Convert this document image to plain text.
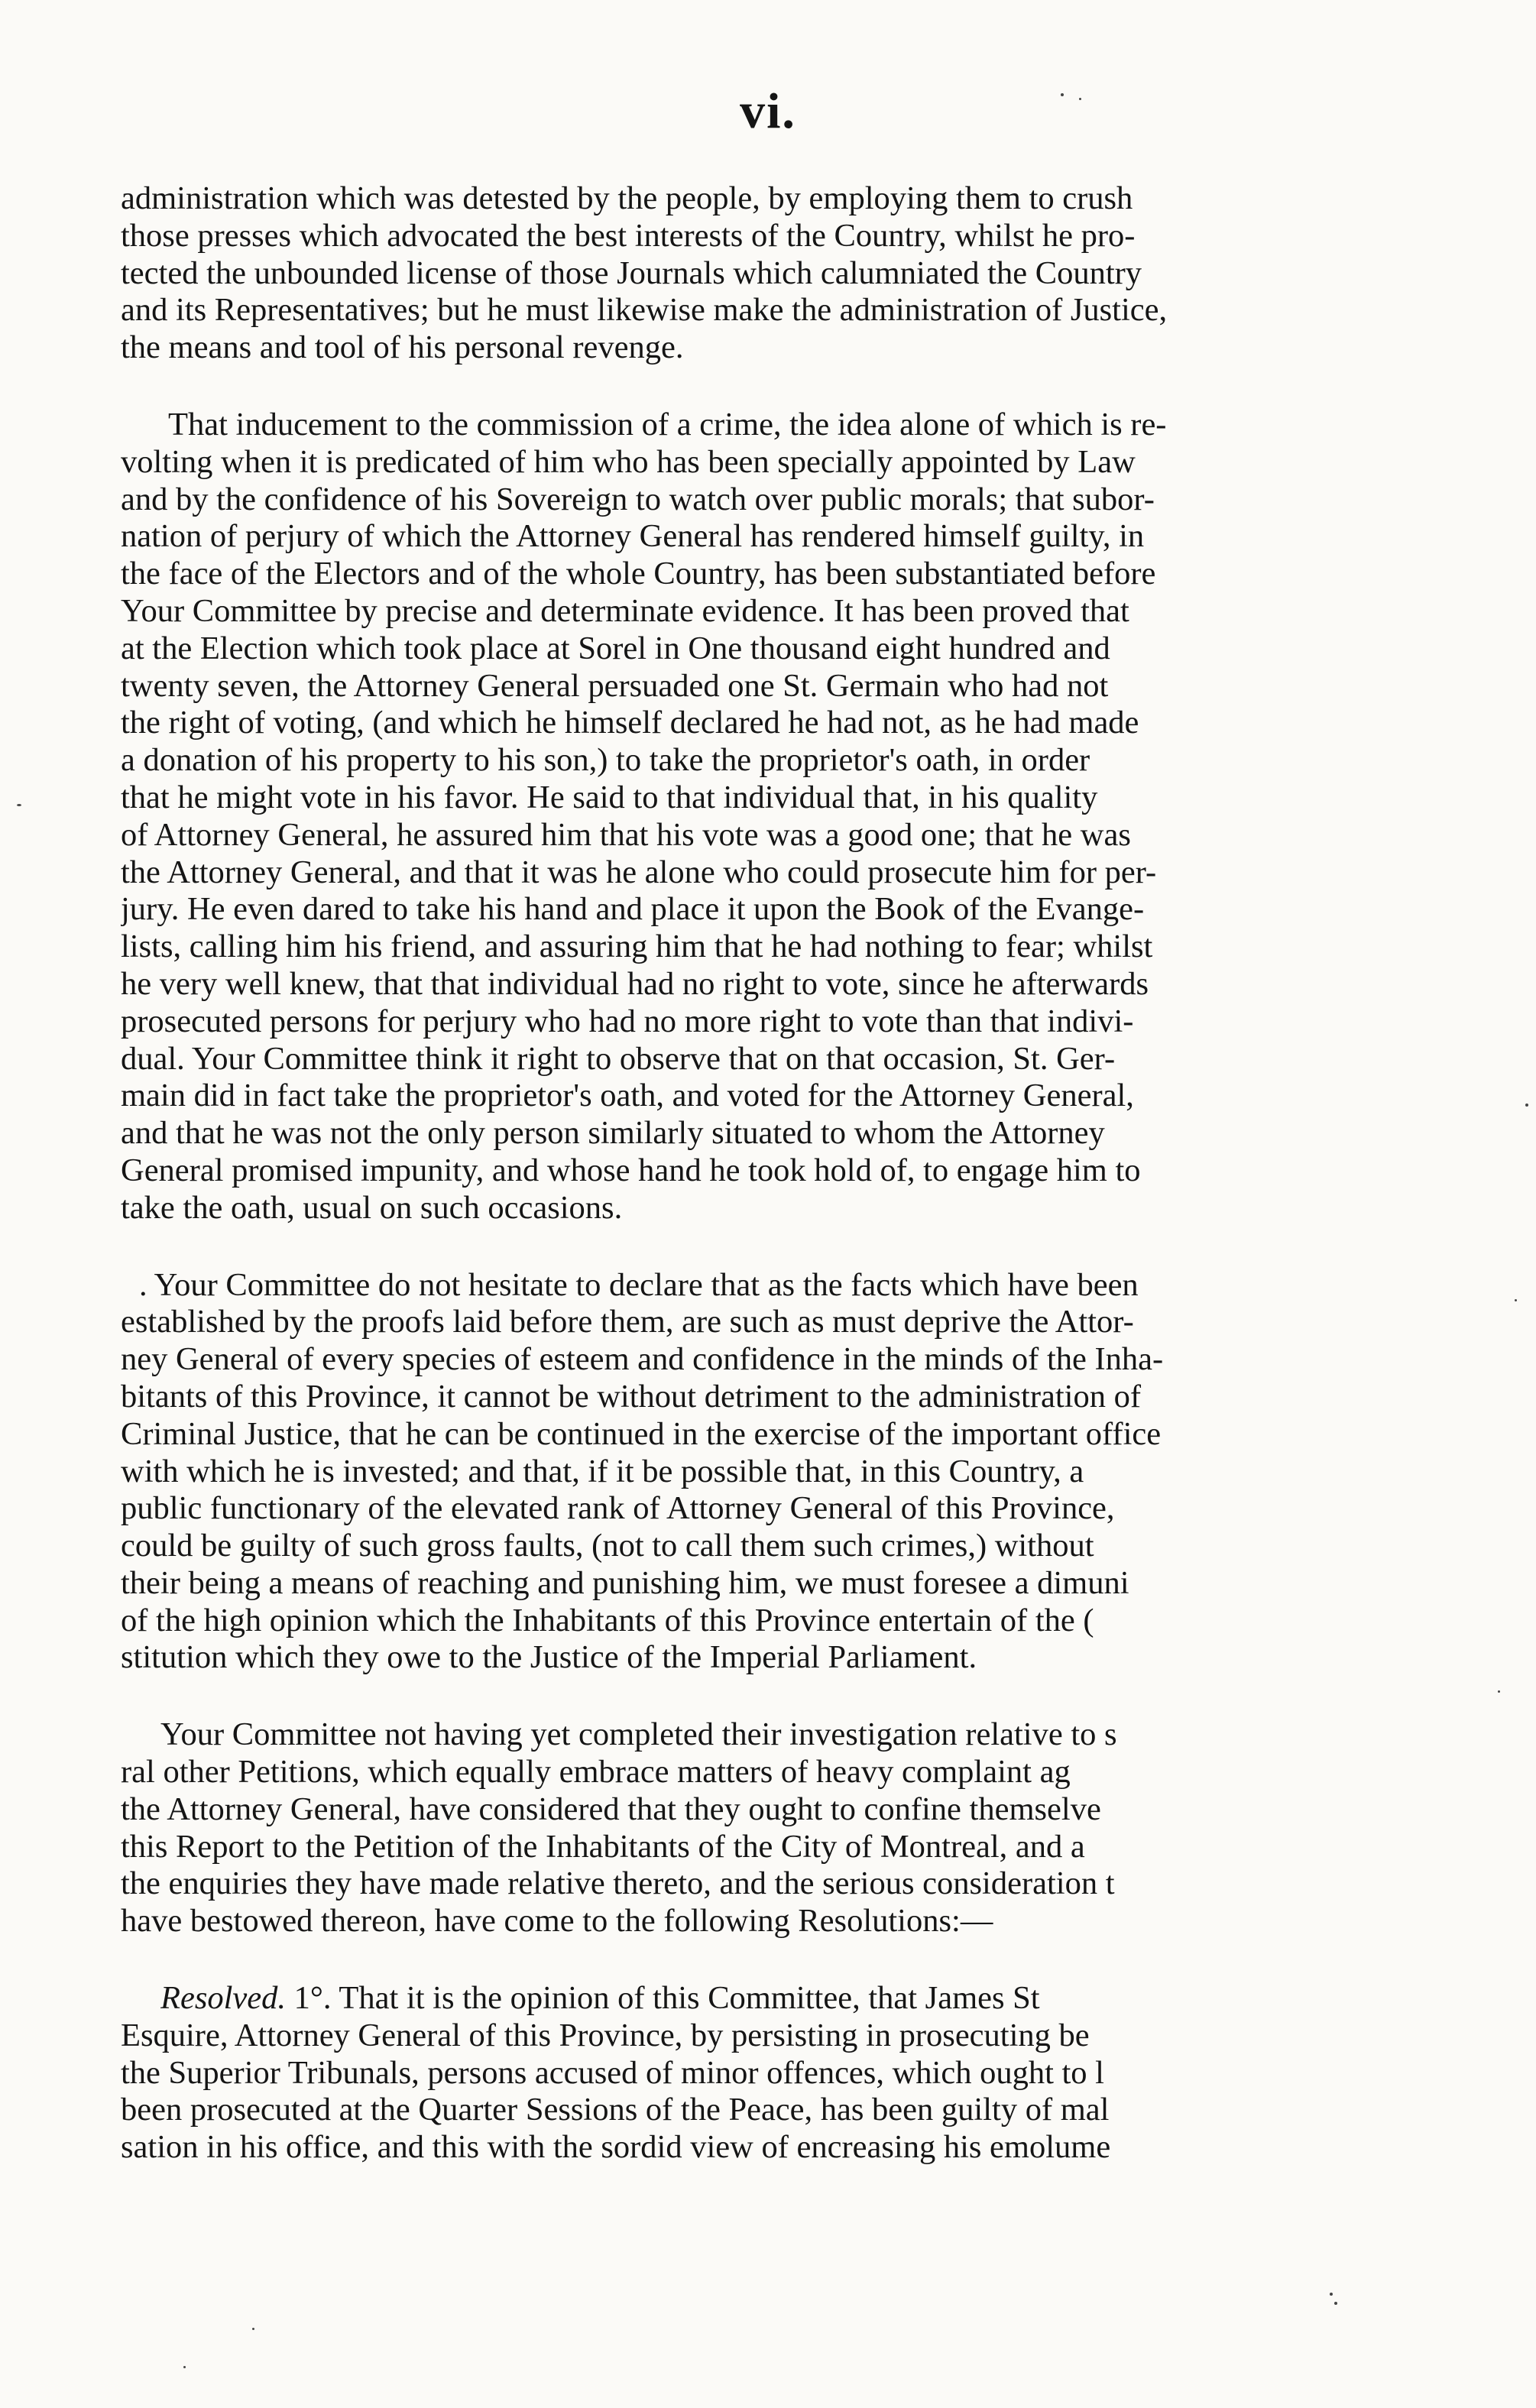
vi.

administration which was detested by the people, by employing them to crush
those presses which advocated the best interests of the Country, whilst he pro-
tected the unbounded license of those Journals which calumniated the Country
and its Representatives; but he must likewise make the administration of Justice,
the means and tool of his personal revenge.

That inducement to the commission of a crime, the idea alone of which is re-
volting when it is predicated of him who has been specially appointed by Law
and by the confidence of his Sovereign to watch over public morals; that subor-
nation of perjury of which the Attorney General has rendered himself guilty, in
the face of the Electors and of the whole Country, has been substantiated before
Your Committee by precise and determinate evidence. It has been proved that
at the Election which took place at Sorel in One thousand eight hundred and
twenty seven, the Attorney General persuaded one St. Germain who had not
the right of voting, (and which he himself declared he had not, as he had made
a donation of his property to his son,) to take the proprietor's oath, in order
that he might vote in his favor. He said to that individual that, in his quality
of Attorney General, he assured him that his vote was a good one; that he was
the Attorney General, and that it was he alone who could prosecute him for per-
jury. He even dared to take his hand and place it upon the Book of the Evange-
lists, calling him his friend, and assuring him that he had nothing to fear; whilst
he very well knew, that that individual had no right to vote, since he afterwards
prosecuted persons for perjury who had no more right to vote than that indivi-
dual. Your Committee think it right to observe that on that occasion, St. Ger-
main did in fact take the proprietor's oath, and voted for the Attorney General,
and that he was not the only person similarly situated to whom the Attorney
General promised impunity, and whose hand he took hold of, to engage him to
take the oath, usual on such occasions.

. Your Committee do not hesitate to declare that as the facts which have been
established by the proofs laid before them, are such as must deprive the Attor-
ney General of every species of esteem and confidence in the minds of the Inha-
bitants of this Province, it cannot be without detriment to the administration of
Criminal Justice, that he can be continued in the exercise of the important office
with which he is invested; and that, if it be possible that, in this Country, a
public functionary of the elevated rank of Attorney General of this Province,
could be guilty of such gross faults, (not to call them such crimes,) without
their being a means of reaching and punishing him, we must foresee a dimuni
of the high opinion which the Inhabitants of this Province entertain of the (
stitution which they owe to the Justice of the Imperial Parliament.

Your Committee not having yet completed their investigation relative to s
ral other Petitions, which equally embrace matters of heavy complaint ag
the Attorney General, have considered that they ought to confine themselve
this Report to the Petition of the Inhabitants of the City of Montreal, and a
the enquiries they have made relative thereto, and the serious consideration t
have bestowed thereon, have come to the following Resolutions:—

Resolved. 1°. That it is the opinion of this Committee, that James St
Esquire, Attorney General of this Province, by persisting in prosecuting be
the Superior Tribunals, persons accused of minor offences, which ought to l
been prosecuted at the Quarter Sessions of the Peace, has been guilty of mal
sation in his office, and this with the sordid view of encreasing his emolume
